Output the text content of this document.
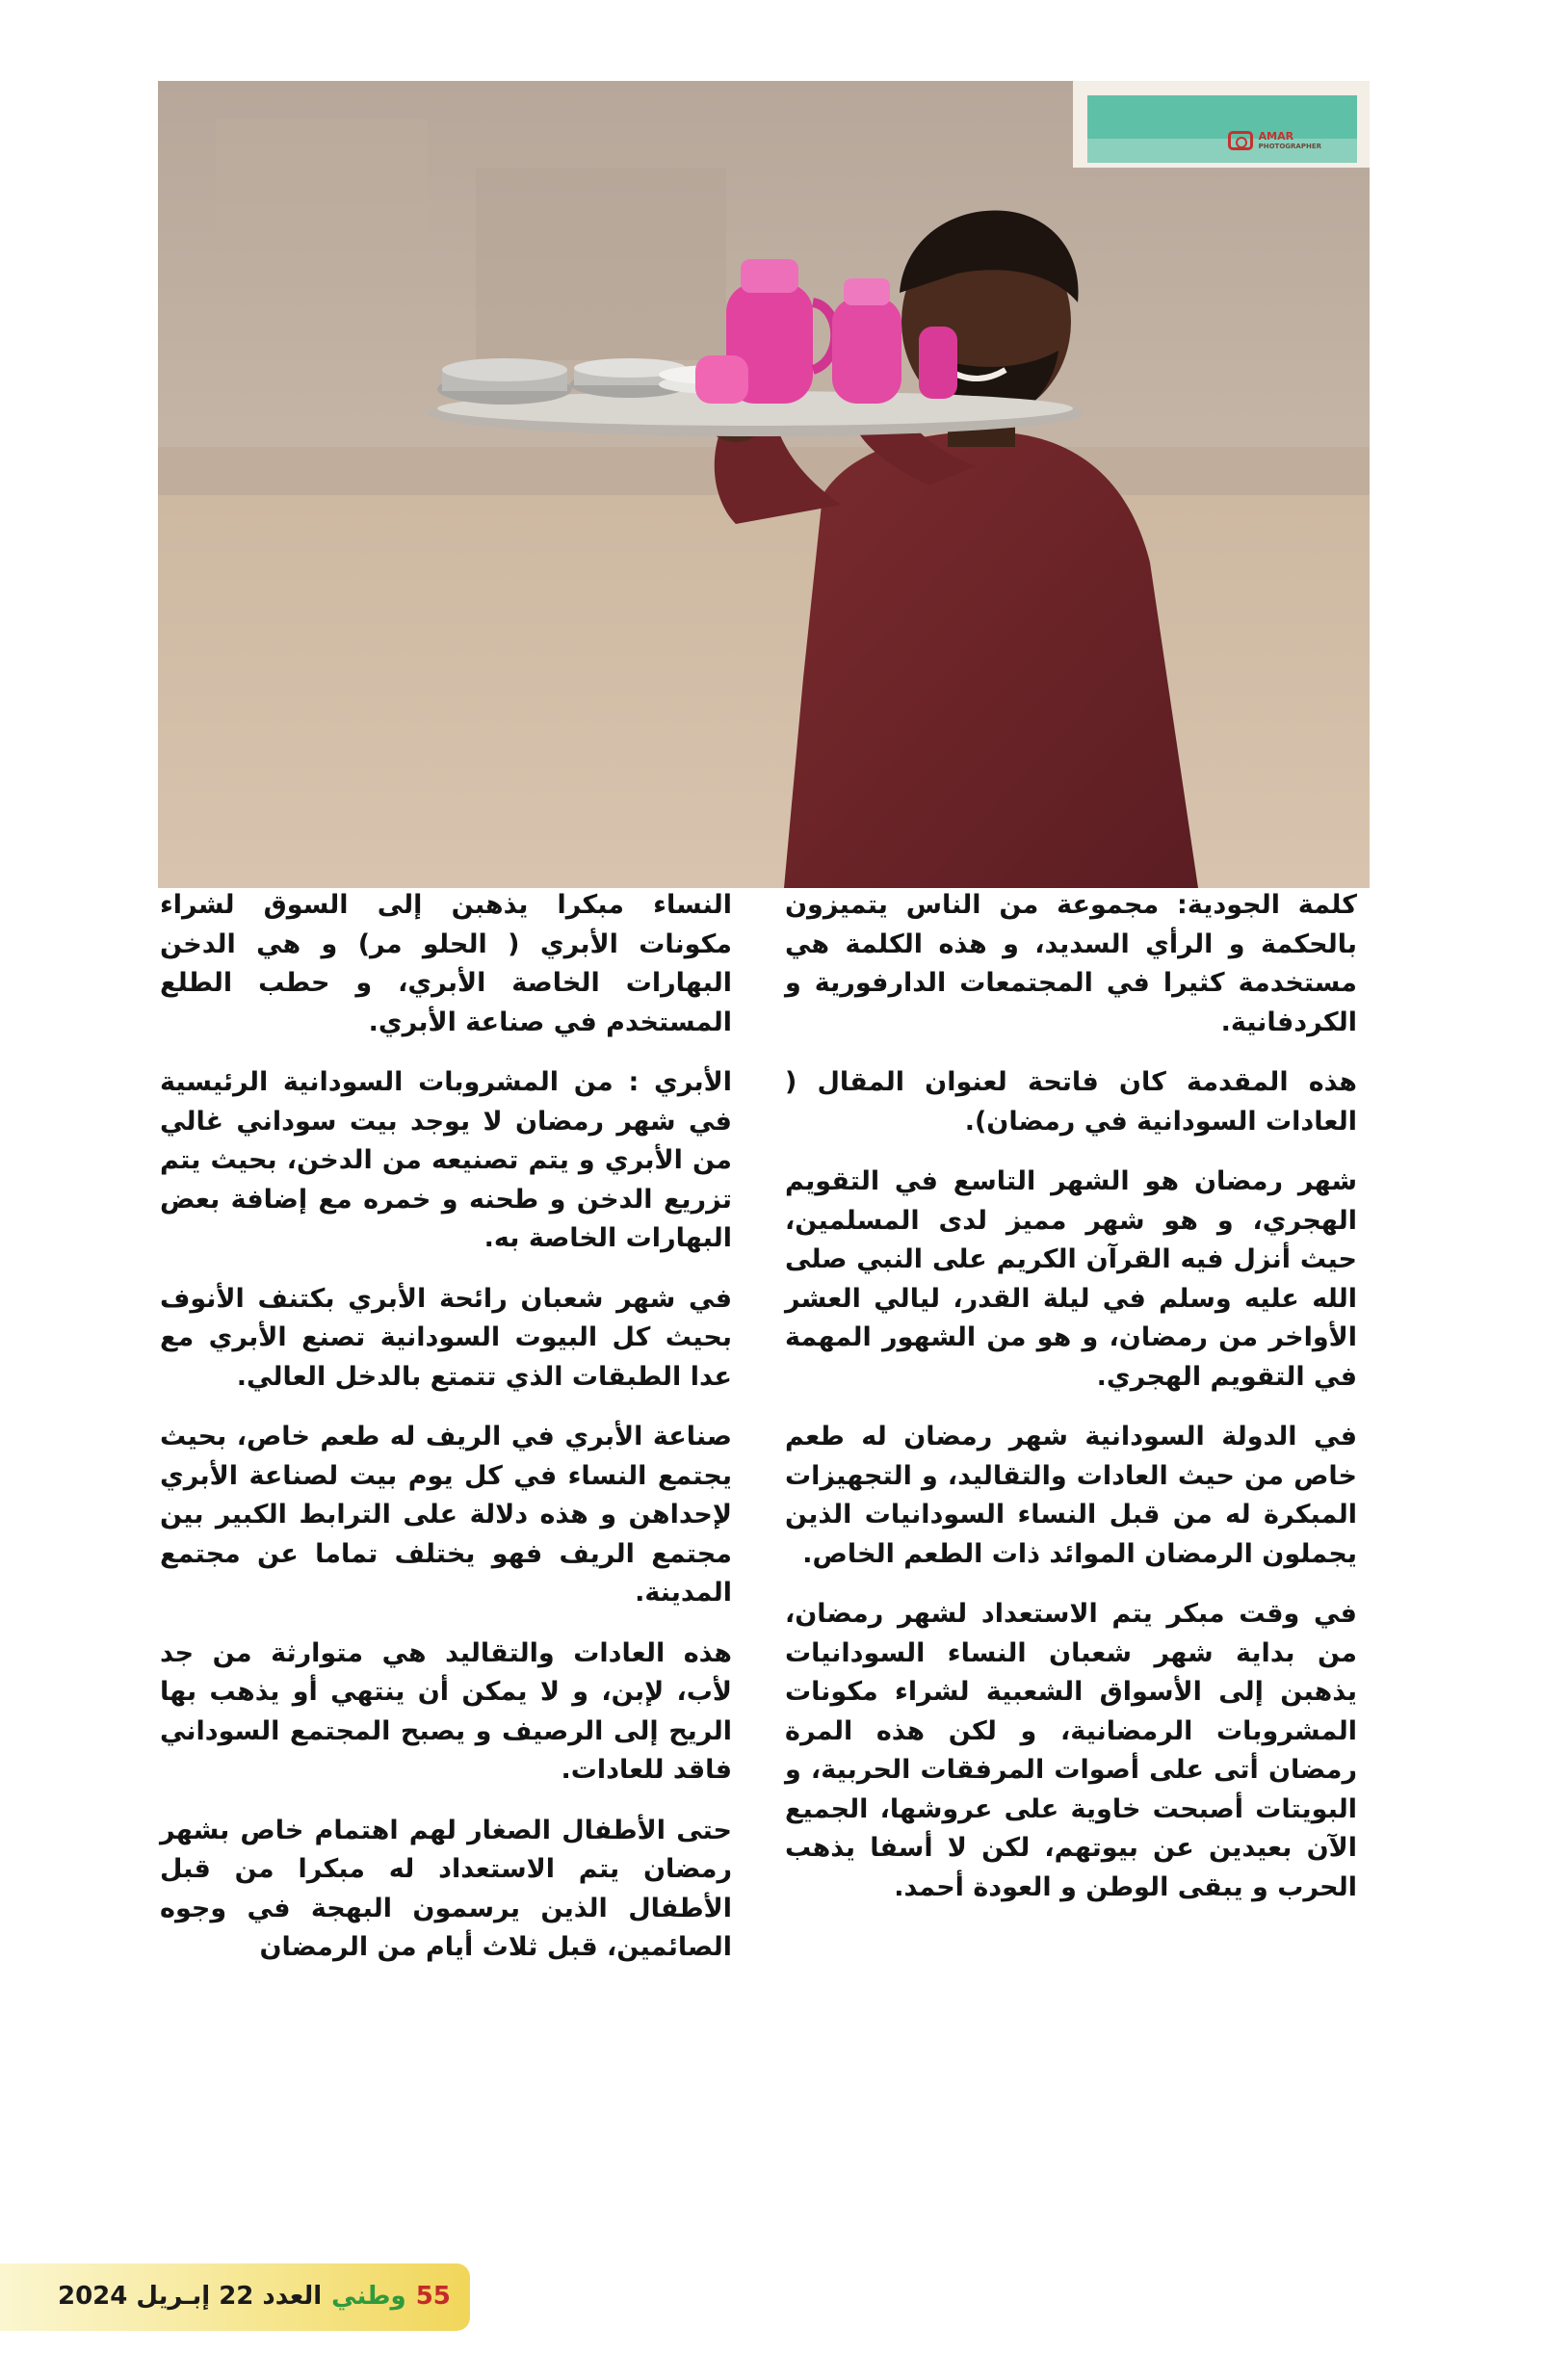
AMAR
PHOTOGRAPHER

كلمة الجودية: مجموعة من الناس يتميزون بالحكمة و الرأي السديد، و هذه الكلمة هي مستخدمة كثيرا في المجتمعات الدارفورية و الكردفانية.

هذه المقدمة كان فاتحة لعنوان المقال ( العادات السودانية في رمضان).

شهر رمضان هو الشهر التاسع في التقويم الهجري، و هو شهر مميز لدى المسلمين، حيث أنزل فيه القرآن الكريم على النبي صلى الله عليه وسلم في ليلة القدر، ليالي العشر الأواخر من رمضان، و هو من الشهور المهمة في التقويم الهجري.

في الدولة السودانية شهر رمضان له طعم خاص من حيث العادات والتقاليد، و التجهيزات المبكرة له من قبل النساء السودانيات الذين يجملون الرمضان الموائد ذات الطعم الخاص.

في وقت مبكر يتم الاستعداد لشهر رمضان، من بداية شهر شعبان النساء السودانيات يذهبن إلى الأسواق الشعبية لشراء مكونات المشروبات الرمضانية، و لكن هذه المرة رمضان أتى على أصوات المرفقات الحربية، و البويتات أصبحت خاوية على عروشها، الجميع الآن بعيدين عن بيوتهم، لكن لا أسفا يذهب الحرب و يبقى الوطن و العودة أحمد.

النساء مبكرا يذهبن إلى السوق لشراء مكونات الأبري ( الحلو مر) و هي الدخن البهارات الخاصة الأبري، و حطب الطلع المستخدم في صناعة الأبري.

الأبري : من المشروبات السودانية الرئيسية في شهر رمضان لا يوجد بيت سوداني غالي من الأبري و يتم تصنيعه من الدخن، بحيث يتم تزريع الدخن و طحنه و خمره مع إضافة بعض البهارات الخاصة به.

في شهر شعبان رائحة الأبري بكتنف الأنوف بحيث كل البيوت السودانية تصنع الأبري مع عدا الطبقات الذي تتمتع بالدخل العالي.

صناعة الأبري في الريف له طعم خاص، بحيث يجتمع النساء في كل يوم بيت لصناعة الأبري لإحداهن و هذه دلالة على الترابط الكبير بين مجتمع الريف فهو يختلف تماما عن مجتمع المدينة.

هذه العادات والتقاليد هي متوارثة من جد لأب، لإبن، و لا يمكن أن ينتهي أو يذهب بها الريح إلى الرصيف و يصبح المجتمع السوداني فاقد للعادات.

حتى الأطفال الصغار لهم اهتمام خاص بشهر رمضان يتم الاستعداد له مبكرا من قبل الأطفال الذين يرسمون البهجة في وجوه الصائمين، قبل ثلاث أيام من الرمضان

55
وطني
العدد 22 إبـريل 2024
